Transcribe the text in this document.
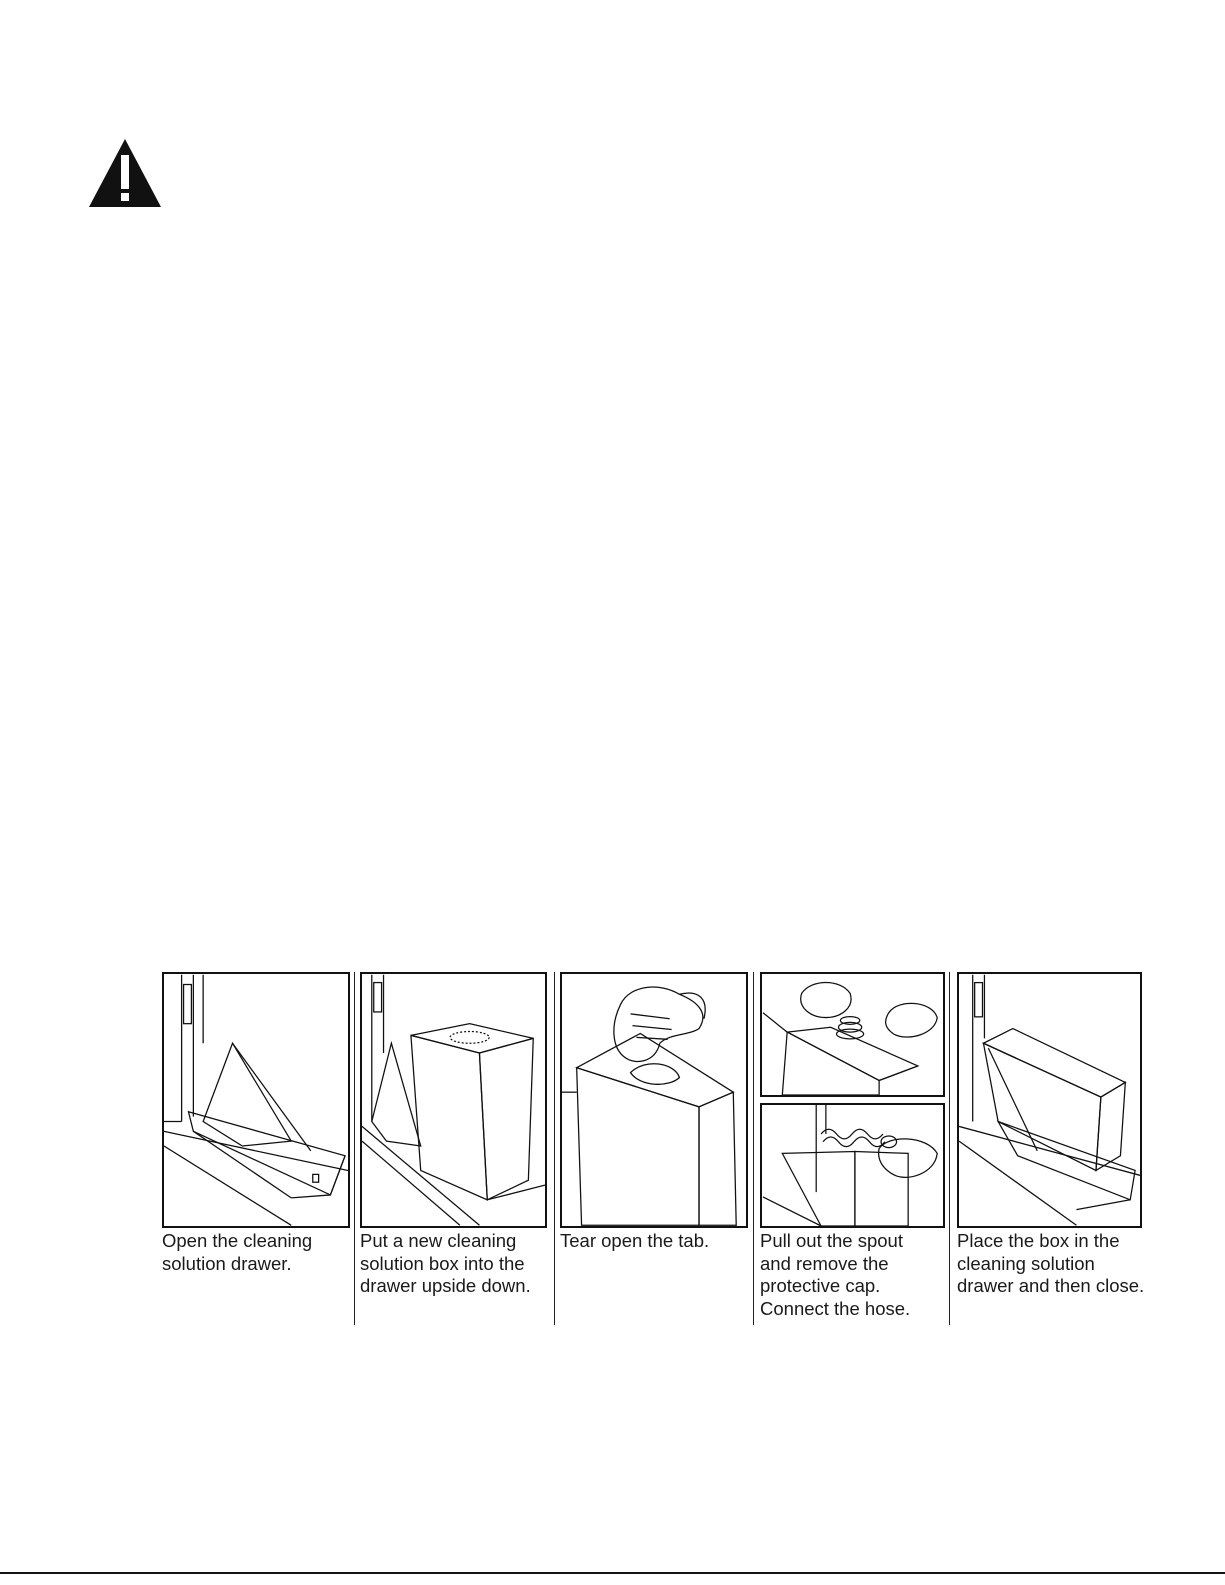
Open the cleaning
solution drawer.

Put a new cleaning
solution box into the
drawer upside down.

Tear open the tab.	Pull out the spout
and remove the
protective cap.
Connect the hose.

Place the box in the
cleaning solution
drawer and then close.
